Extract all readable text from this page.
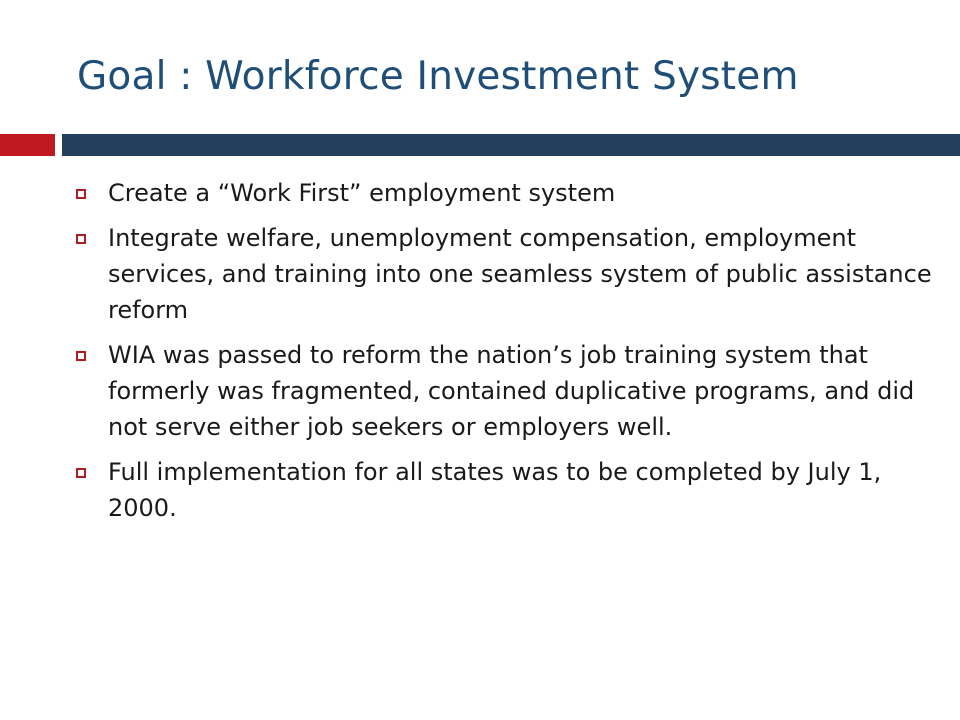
Goal : Workforce Investment System
Create a “Work First” employment system
Integrate welfare, unemployment compensation, employment services, and training into one seamless system of public assistance reform
WIA was passed to reform the nation’s job training system that formerly was fragmented, contained duplicative programs, and did not serve either job seekers or employers well.
Full implementation for all states was to be completed by July 1, 2000.
